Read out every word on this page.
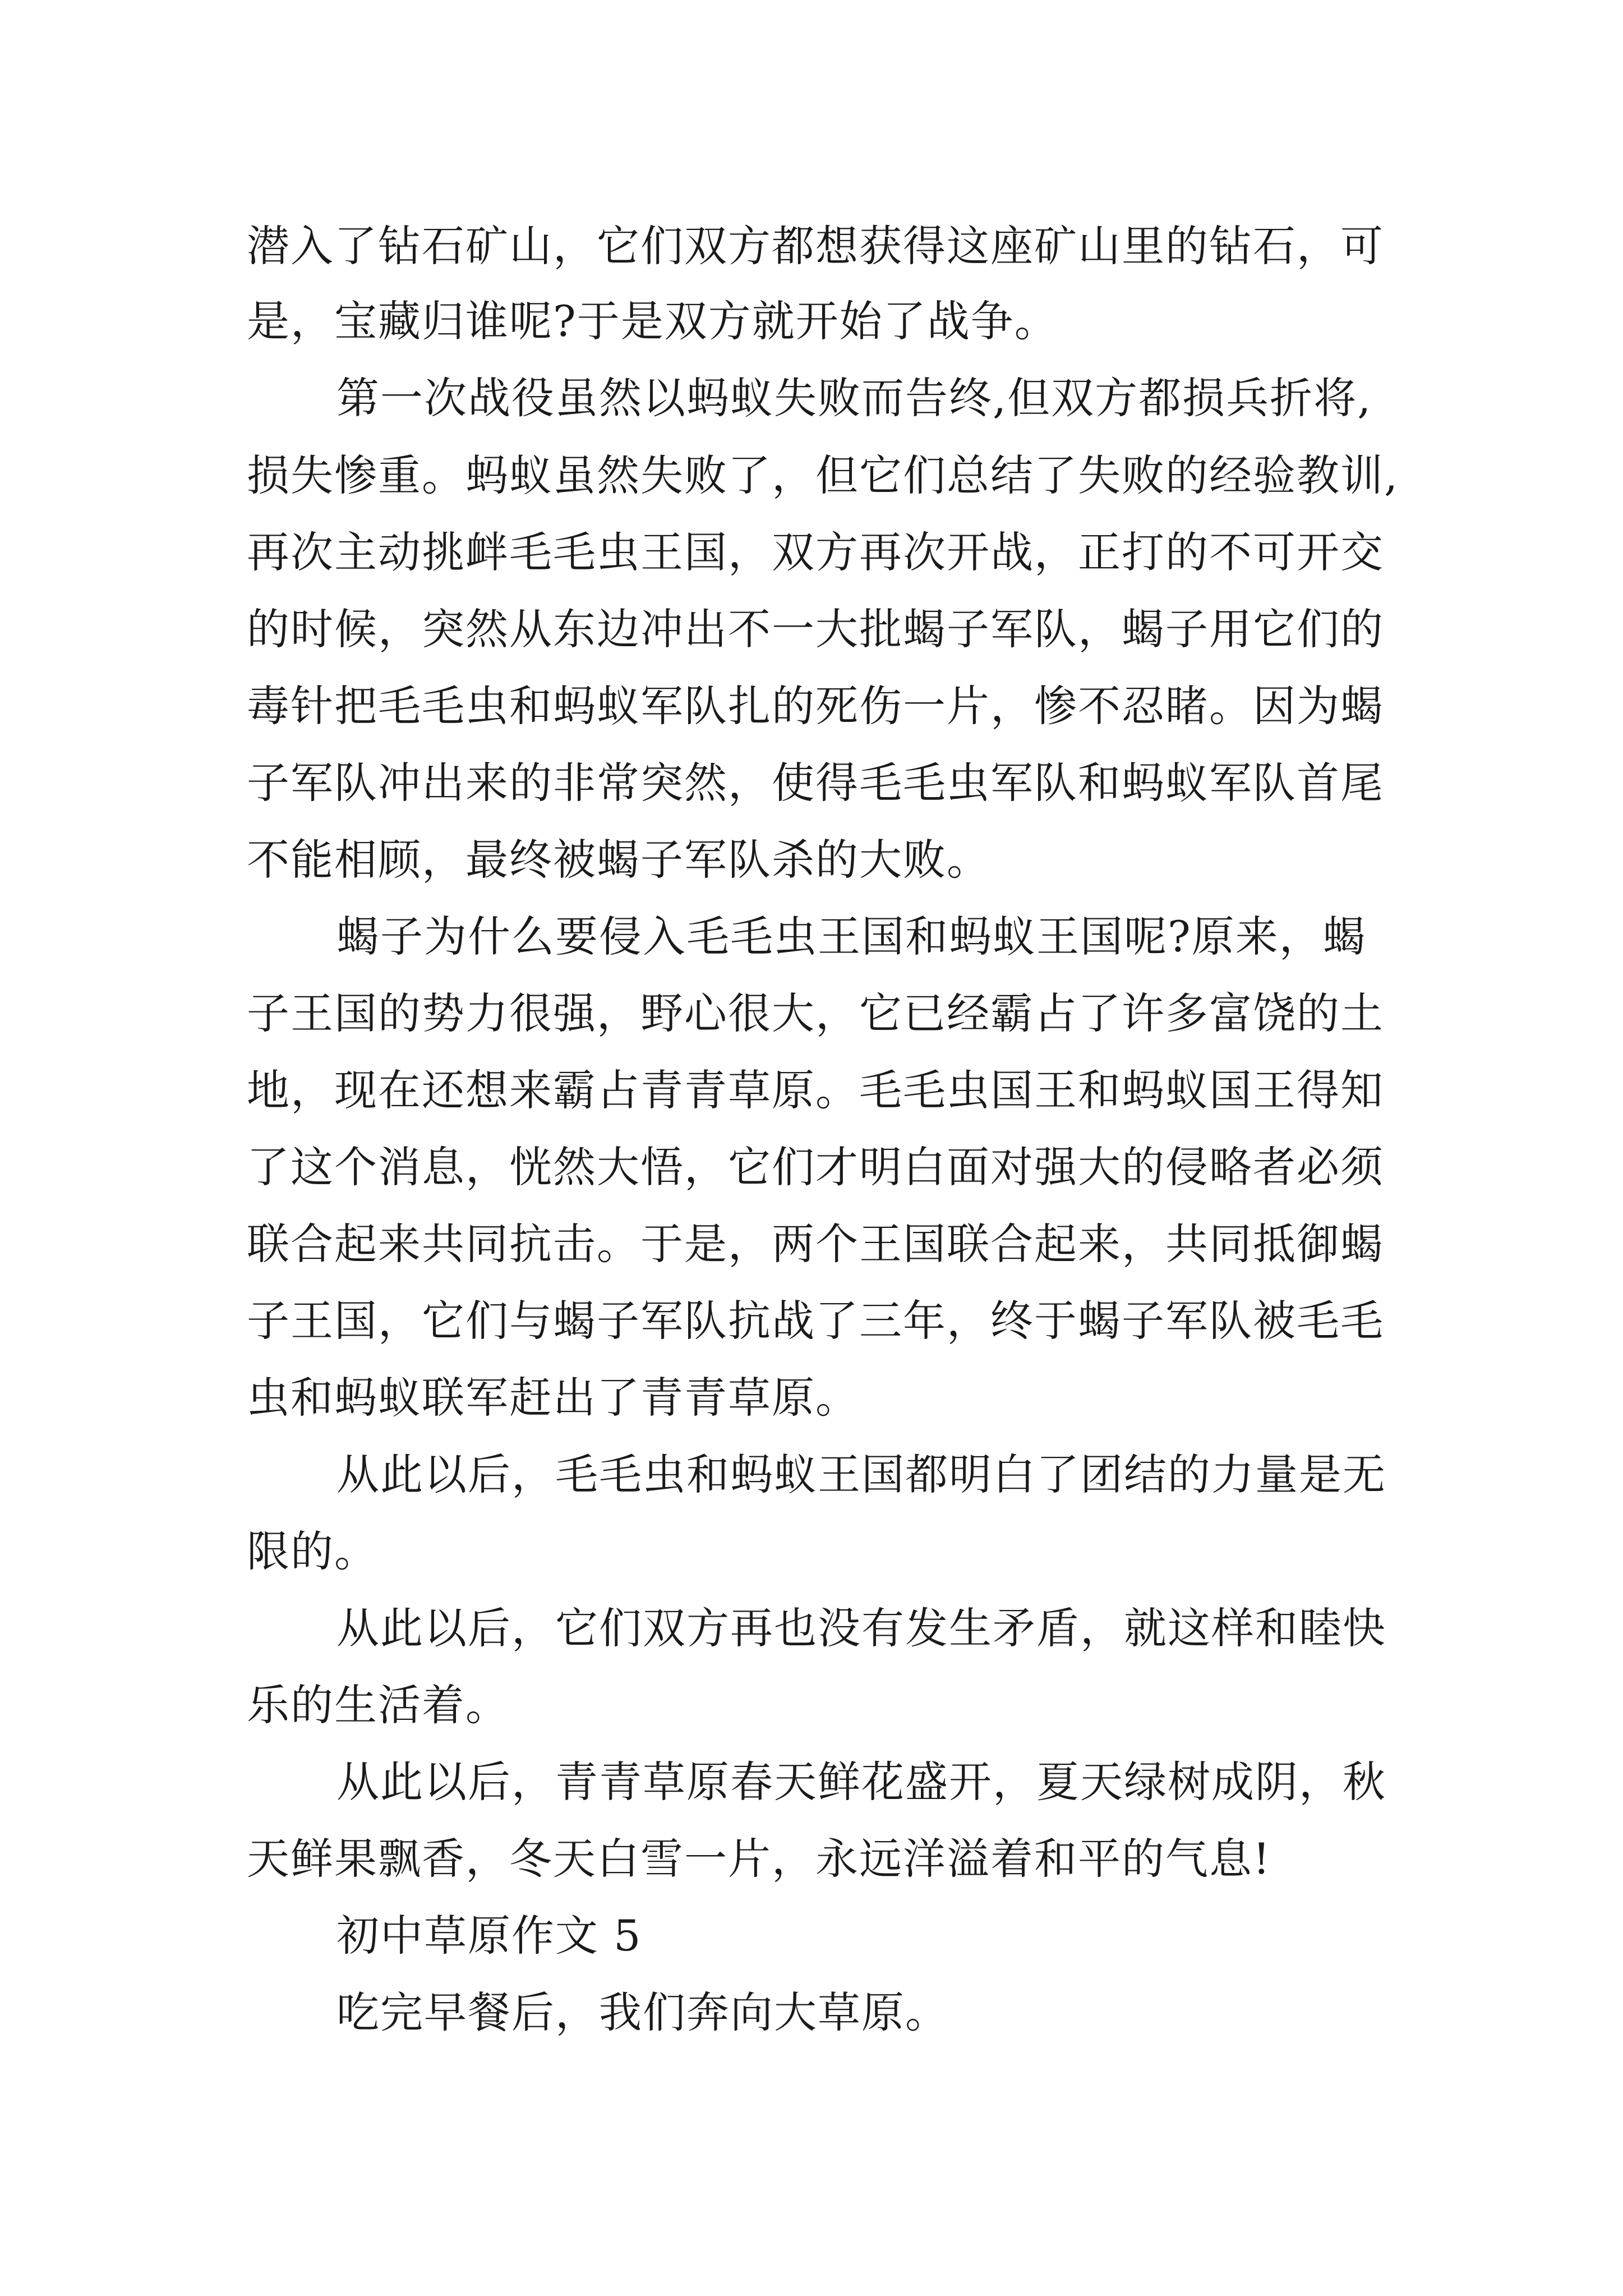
潜入了钻石矿山，它们双方都想获得这座矿山里的钻石，可
是，宝藏归谁呢?于是双方就开始了战争。
第一次战役虽然以蚂蚁失败而告终,但双方都损兵折将,
损失惨重。蚂蚁虽然失败了，但它们总结了失败的经验教训,
再次主动挑衅毛毛虫王国，双方再次开战，正打的不可开交
的时候，突然从东边冲出不一大批蝎子军队，蝎子用它们的
毒针把毛毛虫和蚂蚁军队扎的死伤一片，惨不忍睹。因为蝎
子军队冲出来的非常突然，使得毛毛虫军队和蚂蚁军队首尾
不能相顾，最终被蝎子军队杀的大败。
蝎子为什么要侵入毛毛虫王国和蚂蚁王国呢?原来，蝎
子王国的势力很强，野心很大，它已经霸占了许多富饶的土
地，现在还想来霸占青青草原。毛毛虫国王和蚂蚁国王得知
了这个消息，恍然大悟，它们才明白面对强大的侵略者必须
联合起来共同抗击。于是，两个王国联合起来，共同抵御蝎
子王国，它们与蝎子军队抗战了三年，终于蝎子军队被毛毛
虫和蚂蚁联军赶出了青青草原。
从此以后，毛毛虫和蚂蚁王国都明白了团结的力量是无
限的。
从此以后，它们双方再也没有发生矛盾，就这样和睦快
乐的生活着。
从此以后，青青草原春天鲜花盛开，夏天绿树成阴，秋
天鲜果飘香，冬天白雪一片，永远洋溢着和平的气息!
初中草原作文 5
吃完早餐后，我们奔向大草原。
